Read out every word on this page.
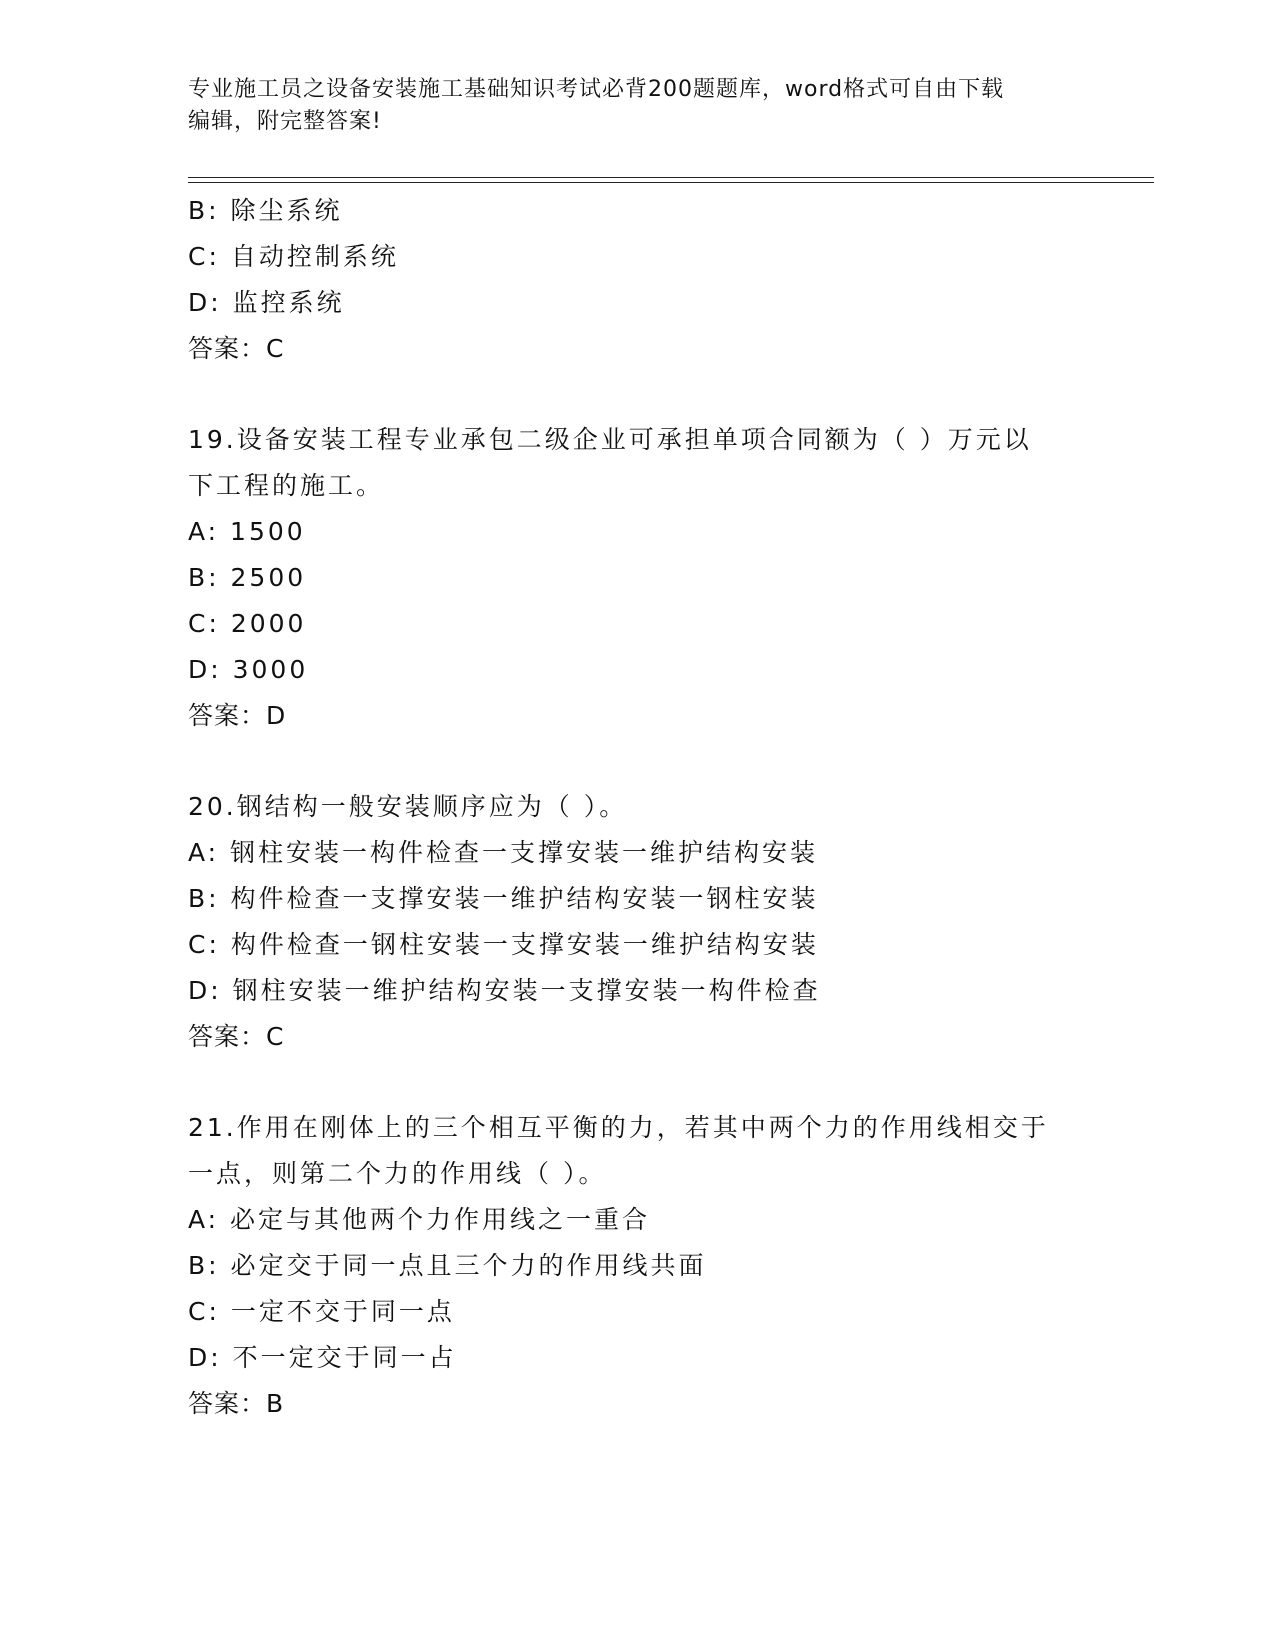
专业施工员之设备安装施工基础知识考试必背200题题库，word格式可自由下载
编辑，附完整答案!
B: 除尘系统
C: 自动控制系统
D: 监控系统
答案：C
19.设备安装工程专业承包二级企业可承担单项合同额为（ ）万元以
下工程的施工。
A: 1500
B: 2500
C: 2000
D: 3000
答案：D
20.钢结构一般安装顺序应为（ ）。
A: 钢柱安装一构件检查一支撑安装一维护结构安装
B: 构件检查一支撑安装一维护结构安装一钢柱安装
C: 构件检查一钢柱安装一支撑安装一维护结构安装
D: 钢柱安装一维护结构安装一支撑安装一构件检查
答案：C
21.作用在刚体上的三个相互平衡的力，若其中两个力的作用线相交于
一点，则第二个力的作用线（ ）。
A: 必定与其他两个力作用线之一重合
B: 必定交于同一点且三个力的作用线共面
C: 一定不交于同一点
D: 不一定交于同一占
答案：B
